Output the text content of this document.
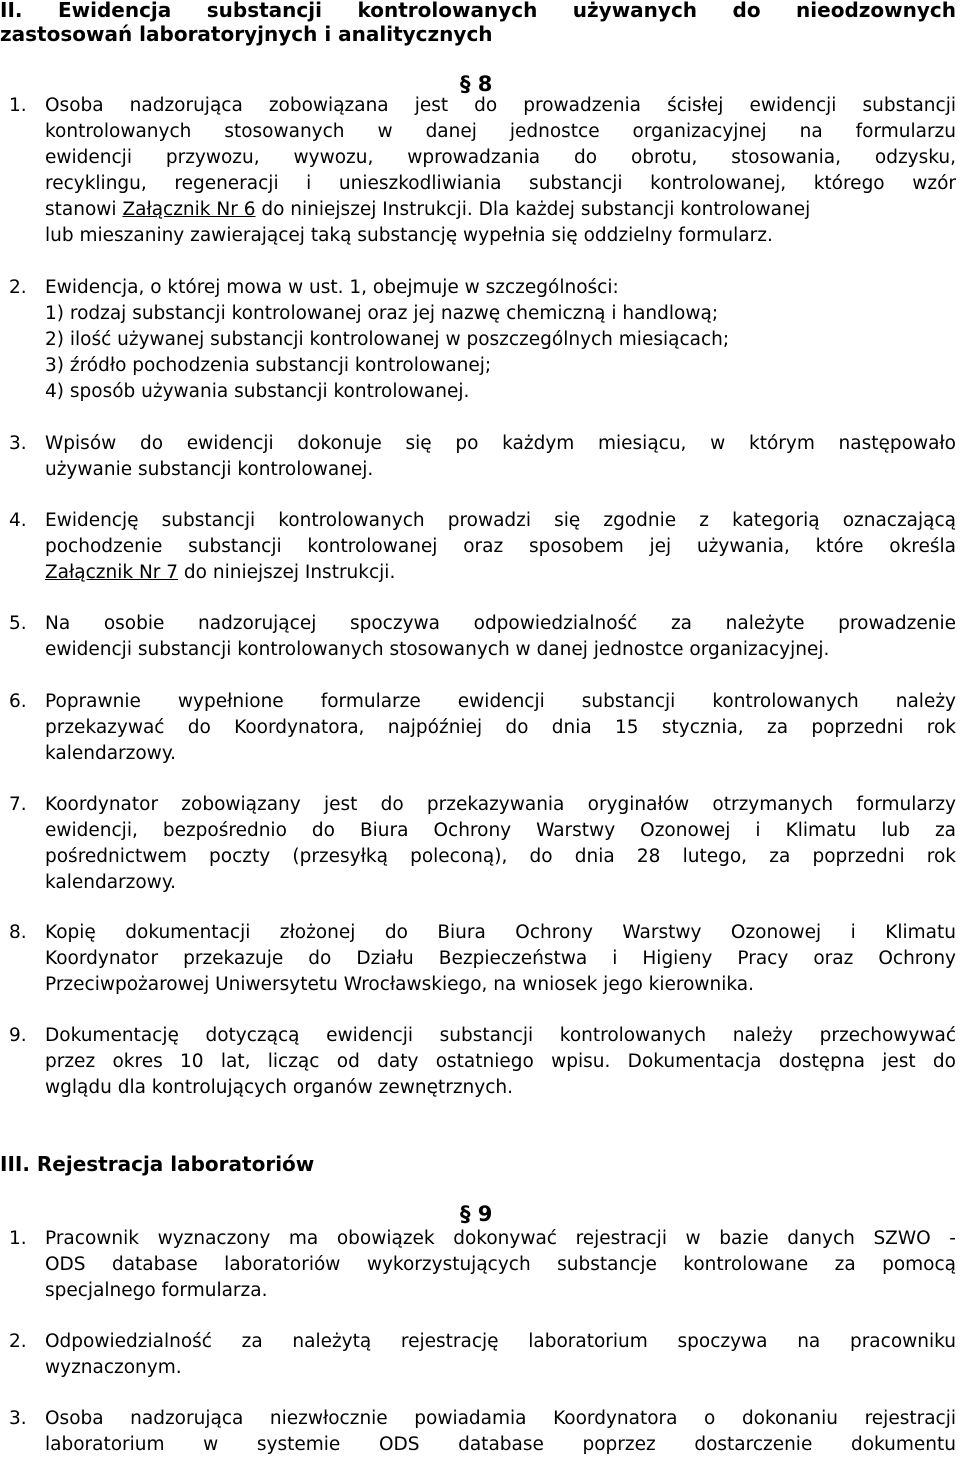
II. Ewidencja substancji kontrolowanych używanych do nieodzownych
zastosowań laboratoryjnych i analitycznych
§ 8
1. Osoba nadzorująca zobowiązana jest do prowadzenia ścisłej ewidencji substancji
kontrolowanych stosowanych w danej jednostce organizacyjnej na formularzu
ewidencji przywozu, wywozu, wprowadzania do obrotu, stosowania, odzysku,
recyklingu, regeneracji i unieszkodliwiania substancji kontrolowanej, którego wzór
stanowi Załącznik Nr 6 do niniejszej Instrukcji. Dla każdej substancji kontrolowanej
lub mieszaniny zawierającej taką substancję wypełnia się oddzielny formularz.
2. Ewidencja, o której mowa w ust. 1, obejmuje w szczególności:
1) rodzaj substancji kontrolowanej oraz jej nazwę chemiczną i handlową;
2) ilość używanej substancji kontrolowanej w poszczególnych miesiącach;
3) źródło pochodzenia substancji kontrolowanej;
4) sposób używania substancji kontrolowanej.
3. Wpisów do ewidencji dokonuje się po każdym miesiącu, w którym następowało
używanie substancji kontrolowanej.
4. Ewidencję substancji kontrolowanych prowadzi się zgodnie z kategorią oznaczającą
pochodzenie substancji kontrolowanej oraz sposobem jej używania, które określa
Załącznik Nr 7 do niniejszej Instrukcji.
5. Na osobie nadzorującej spoczywa odpowiedzialność za należyte prowadzenie
ewidencji substancji kontrolowanych stosowanych w danej jednostce organizacyjnej.
6. Poprawnie wypełnione formularze ewidencji substancji kontrolowanych należy
przekazywać do Koordynatora, najpóźniej do dnia 15 stycznia, za poprzedni rok
kalendarzowy.
7. Koordynator zobowiązany jest do przekazywania oryginałów otrzymanych formularzy
ewidencji, bezpośrednio do Biura Ochrony Warstwy Ozonowej i Klimatu lub za
pośrednictwem poczty (przesyłką poleconą), do dnia 28 lutego, za poprzedni rok
kalendarzowy.
8. Kopię dokumentacji złożonej do Biura Ochrony Warstwy Ozonowej i Klimatu
Koordynator przekazuje do Działu Bezpieczeństwa i Higieny Pracy oraz Ochrony
Przeciwpożarowej Uniwersytetu Wrocławskiego, na wniosek jego kierownika.
9. Dokumentację dotyczącą ewidencji substancji kontrolowanych należy przechowywać
przez okres 10 lat, licząc od daty ostatniego wpisu. Dokumentacja dostępna jest do
wglądu dla kontrolujących organów zewnętrznych.
III. Rejestracja laboratoriów
§ 9
1. Pracownik wyznaczony ma obowiązek dokonywać rejestracji w bazie danych SZWO -
ODS database laboratoriów wykorzystujących substancje kontrolowane za pomocą
specjalnego formularza.
2. Odpowiedzialność za należytą rejestrację laboratorium spoczywa na pracowniku
wyznaczonym.
3. Osoba nadzorująca niezwłocznie powiadamia Koordynatora o dokonaniu rejestracji
laboratorium w systemie ODS database poprzez dostarczenie dokumentu
